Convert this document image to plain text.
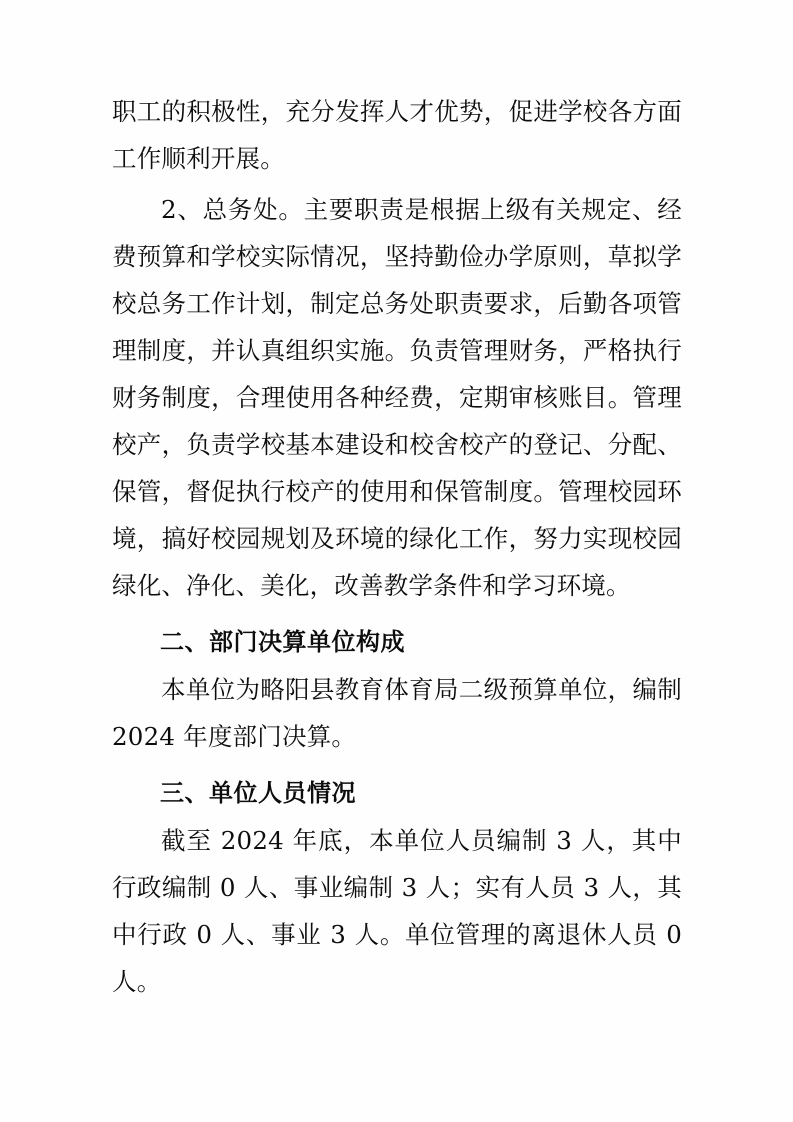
职工的积极性，充分发挥人才优势，促进学校各方面工作顺利开展。

2、总务处。主要职责是根据上级有关规定、经费预算和学校实际情况，坚持勤俭办学原则，草拟学校总务工作计划，制定总务处职责要求，后勤各项管理制度，并认真组织实施。负责管理财务，严格执行财务制度，合理使用各种经费，定期审核账目。管理校产，负责学校基本建设和校舍校产的登记、分配、保管，督促执行校产的使用和保管制度。管理校园环境，搞好校园规划及环境的绿化工作，努力实现校园绿化、净化、美化，改善教学条件和学习环境。

二、部门决算单位构成

本单位为略阳县教育体育局二级预算单位，编制 2024 年度部门决算。

三、单位人员情况

截至 2024 年底，本单位人员编制 3 人，其中行政编制 0 人、事业编制 3 人；实有人员 3 人，其中行政 0 人、事业 3 人。单位管理的离退休人员 0 人。
